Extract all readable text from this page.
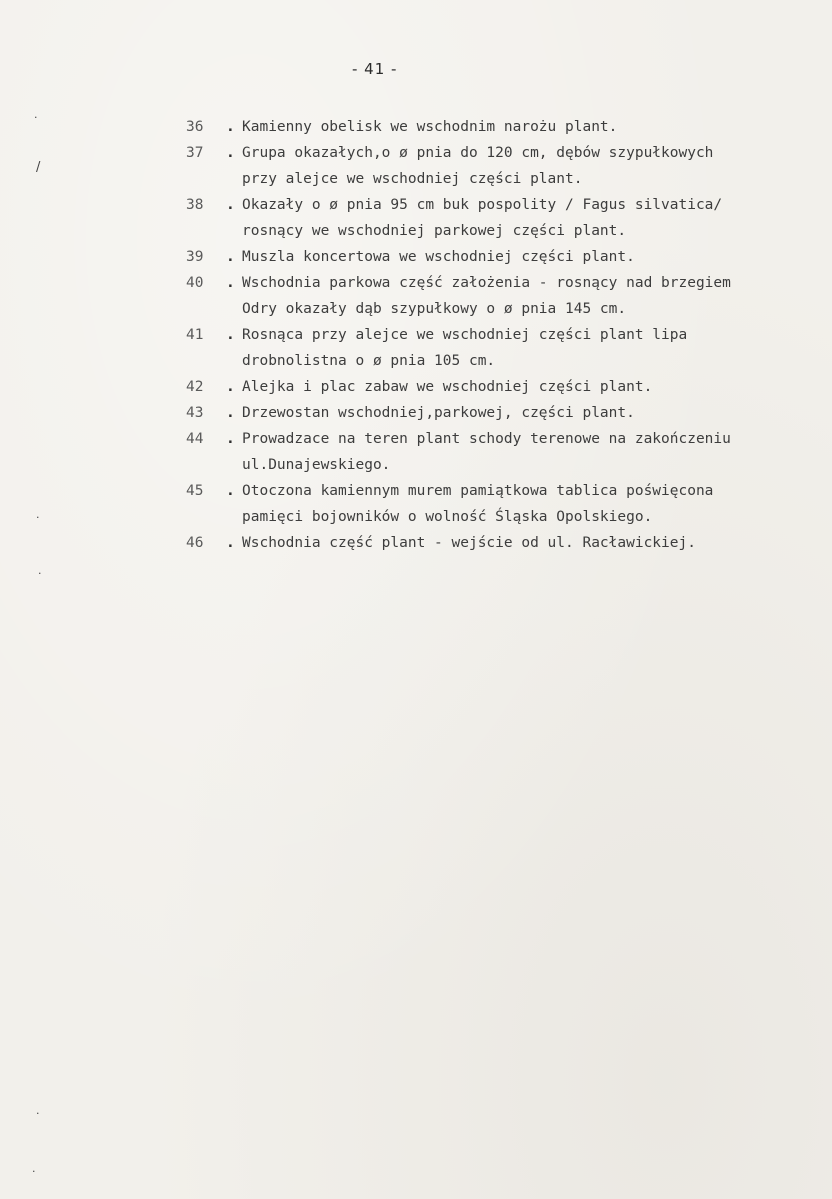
- 41 -
.
/
.
.
.
.
36	. Kamienny obelisk we wschodnim narożu plant.
37	. Grupa okazałych,o ø pnia do 120 cm, dębów szypułkowych
przy alejce we wschodniej części plant.
38	. Okazały o ø pnia 95 cm buk pospolity / Fagus silvatica/
rosnący we wschodniej parkowej części plant.
39	. Muszla koncertowa we wschodniej części plant.
40	. Wschodnia parkowa część założenia - rosnący nad brzegiem
Odry okazały dąb szypułkowy o ø pnia 145 cm.
41	. Rosnąca przy alejce we wschodniej części plant lipa
drobnolistna o ø pnia 105 cm.
42	. Alejka i plac zabaw we wschodniej części plant.
43	. Drzewostan wschodniej,parkowej, części plant.
44	. Prowadzace na teren plant schody terenowe na zakończeniu
ul.Dunajewskiego.
45	. Otoczona kamiennym murem pamiątkowa tablica poświęcona
pamięci bojowników o wolność Śląska Opolskiego.
46	. Wschodnia część plant - wejście od ul. Racławickiej.
